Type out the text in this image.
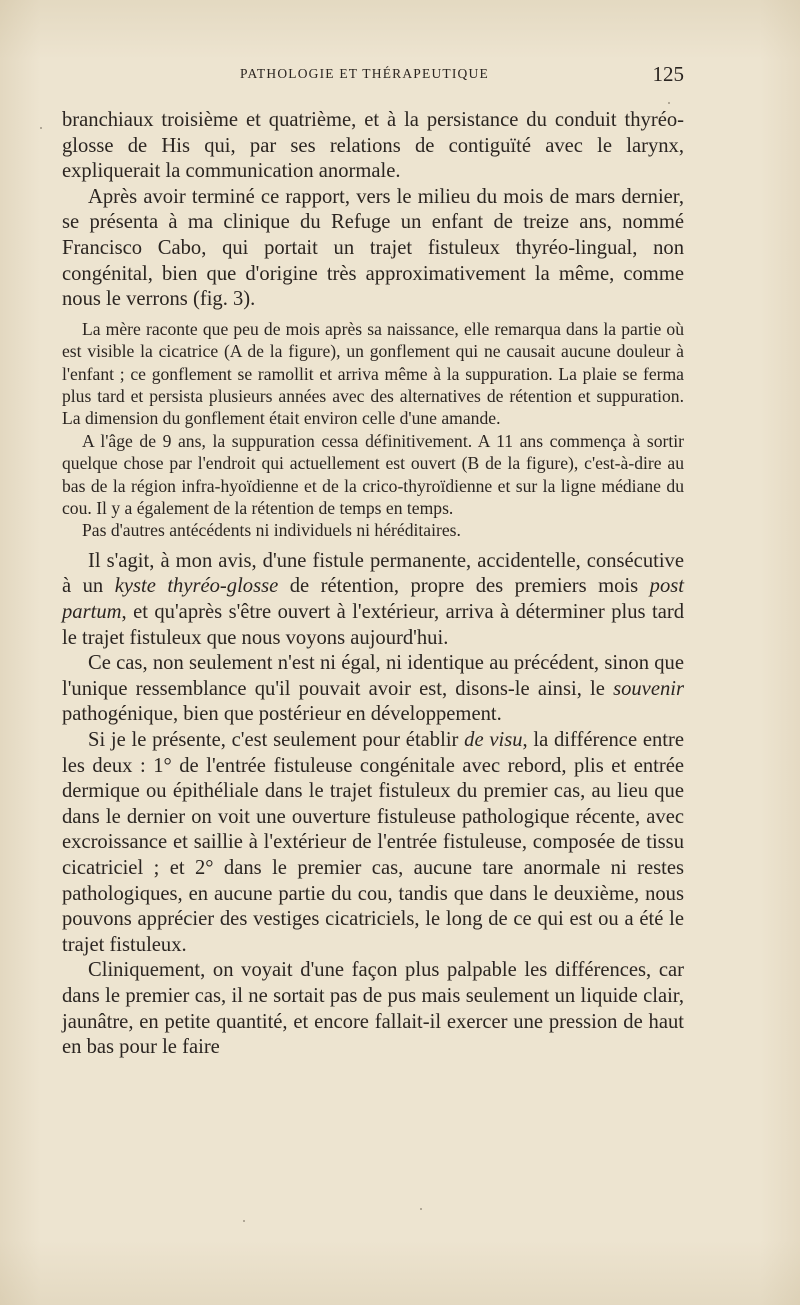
PATHOLOGIE ET THÉRAPEUTIQUE	125

branchiaux troisième et quatrième, et à la persistance du conduit thyréo-glosse de His qui, par ses relations de contiguïté avec le larynx, expliquerait la communication anormale.

Après avoir terminé ce rapport, vers le milieu du mois de mars dernier, se présenta à ma clinique du Refuge un enfant de treize ans, nommé Francisco Cabo, qui portait un trajet fistuleux thyréo-lingual, non congénital, bien que d'origine très approximativement la même, comme nous le verrons (fig. 3).

La mère raconte que peu de mois après sa naissance, elle remarqua dans la partie où est visible la cicatrice (A de la figure), un gonflement qui ne causait aucune douleur à l'enfant ; ce gonflement se ramollit et arriva même à la suppuration. La plaie se ferma plus tard et persista plusieurs années avec des alternatives de rétention et suppuration. La dimension du gonflement était environ celle d'une amande.

A l'âge de 9 ans, la suppuration cessa définitivement. A 11 ans commença à sortir quelque chose par l'endroit qui actuellement est ouvert (B de la figure), c'est-à-dire au bas de la région infra-hyoïdienne et de la crico-thyroïdienne et sur la ligne médiane du cou. Il y a également de la rétention de temps en temps.

Pas d'autres antécédents ni individuels ni héréditaires.

Il s'agit, à mon avis, d'une fistule permanente, accidentelle, consécutive à un kyste thyréo-glosse de rétention, propre des premiers mois post partum, et qu'après s'être ouvert à l'extérieur, arriva à déterminer plus tard le trajet fistuleux que nous voyons aujourd'hui.

Ce cas, non seulement n'est ni égal, ni identique au précédent, sinon que l'unique ressemblance qu'il pouvait avoir est, disons-le ainsi, le souvenir pathogénique, bien que postérieur en développement.

Si je le présente, c'est seulement pour établir de visu, la différence entre les deux : 1° de l'entrée fistuleuse congénitale avec rebord, plis et entrée dermique ou épithéliale dans le trajet fistuleux du premier cas, au lieu que dans le dernier on voit une ouverture fistuleuse pathologique récente, avec excroissance et saillie à l'extérieur de l'entrée fistuleuse, composée de tissu cicatriciel ; et 2° dans le premier cas, aucune tare anormale ni restes pathologiques, en aucune partie du cou, tandis que dans le deuxième, nous pouvons apprécier des vestiges cicatriciels, le long de ce qui est ou a été le trajet fistuleux.

Cliniquement, on voyait d'une façon plus palpable les différences, car dans le premier cas, il ne sortait pas de pus mais seulement un liquide clair, jaunâtre, en petite quantité, et encore fallait-il exercer une pression de haut en bas pour le faire
